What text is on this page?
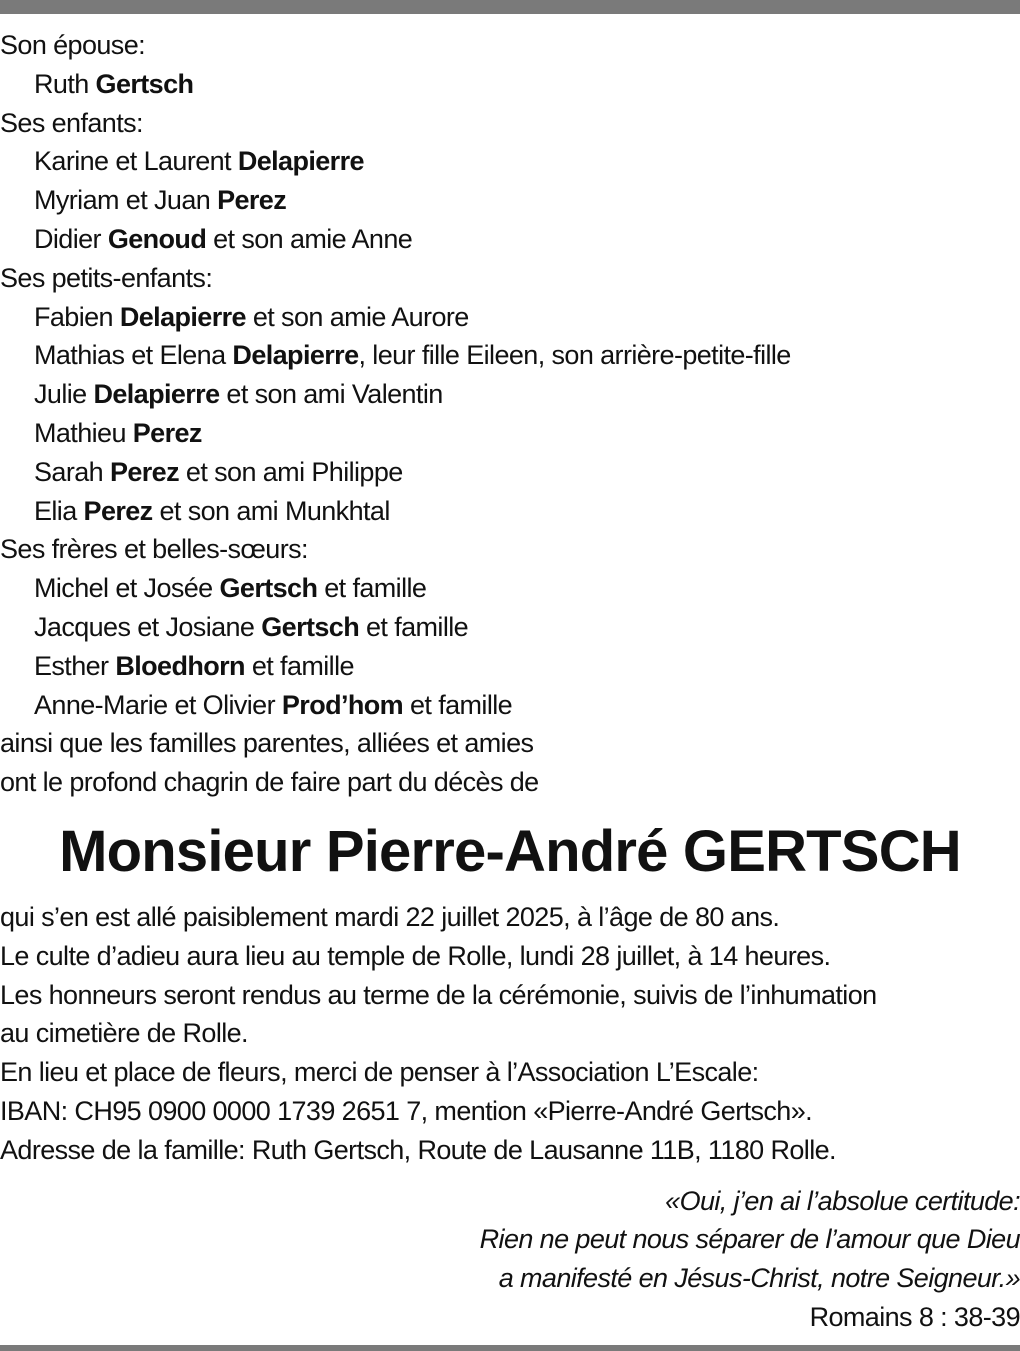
Son épouse:
Ruth Gertsch
Ses enfants:
Karine et Laurent Delapierre
Myriam et Juan Perez
Didier Genoud et son amie Anne
Ses petits-enfants:
Fabien Delapierre et son amie Aurore
Mathias et Elena Delapierre, leur fille Eileen, son arrière-petite-fille
Julie Delapierre et son ami Valentin
Mathieu Perez
Sarah Perez et son ami Philippe
Elia Perez et son ami Munkhtal
Ses frères et belles-sœurs:
Michel et Josée Gertsch et famille
Jacques et Josiane Gertsch et famille
Esther Bloedhorn et famille
Anne-Marie et Olivier Prod’hom et famille
ainsi que les familles parentes, alliées et amies
ont le profond chagrin de faire part du décès de
Monsieur Pierre-André GERTSCH
qui s’en est allé paisiblement mardi 22 juillet 2025, à l’âge de 80 ans.
Le culte d’adieu aura lieu au temple de Rolle, lundi 28 juillet, à 14 heures.
Les honneurs seront rendus au terme de la cérémonie, suivis de l’inhumation
au cimetière de Rolle.
En lieu et place de fleurs, merci de penser à l’Association L’Escale:
IBAN: CH95 0900 0000 1739 2651 7, mention «Pierre-André Gertsch».
Adresse de la famille: Ruth Gertsch, Route de Lausanne 11B, 1180 Rolle.
«Oui, j’en ai l’absolue certitude:
Rien ne peut nous séparer de l’amour que Dieu
a manifesté en Jésus-Christ, notre Seigneur.»
Romains 8 : 38-39
